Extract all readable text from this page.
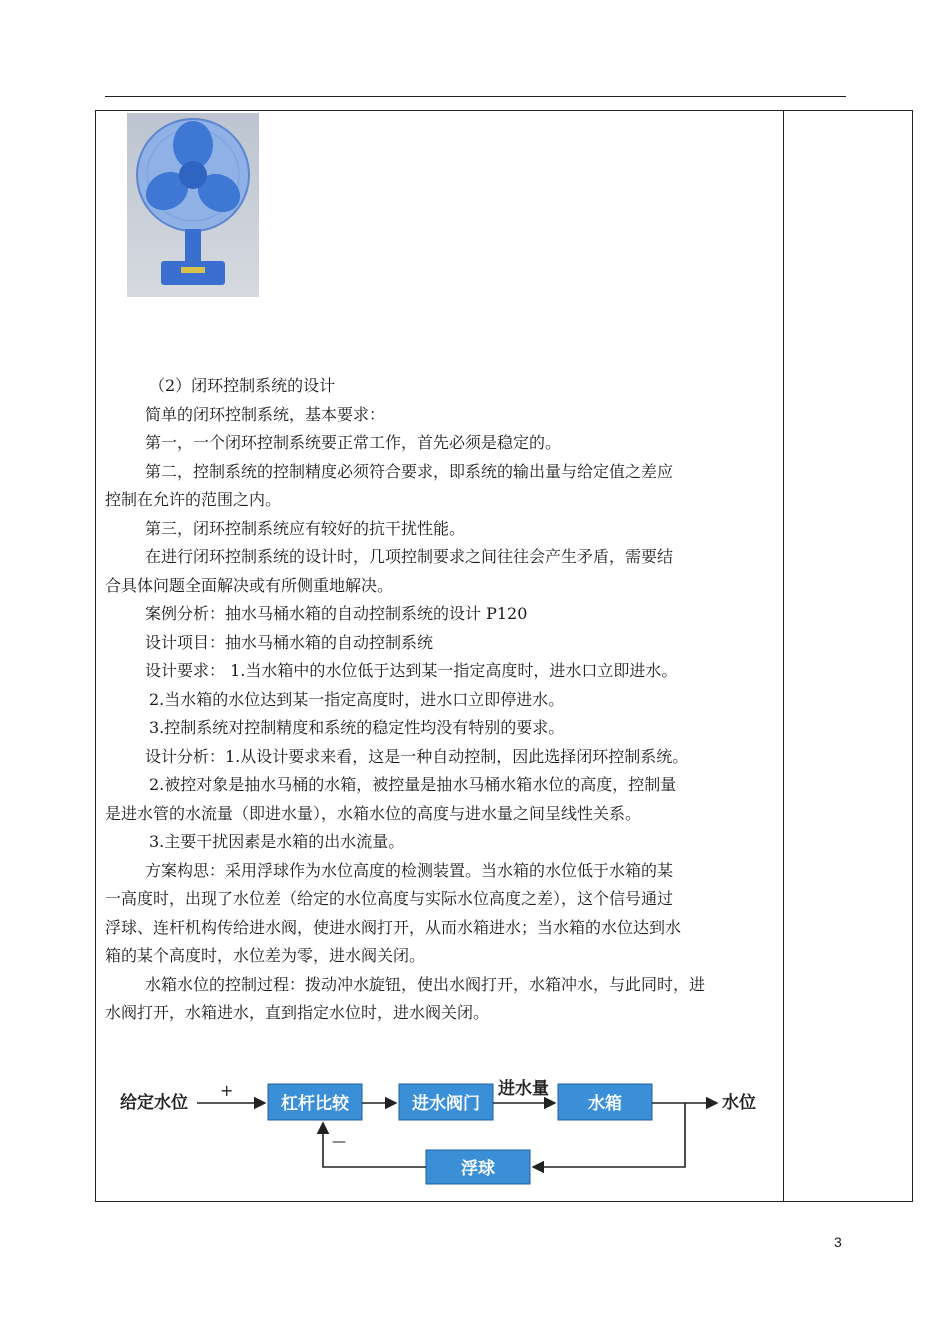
（2）闭环控制系统的设计

简单的闭环控制系统，基本要求：

第一，一个闭环控制系统要正常工作，首先必须是稳定的。

第二，控制系统的控制精度必须符合要求，即系统的输出量与给定值之差应

控制在允许的范围之内。

第三，闭环控制系统应有较好的抗干扰性能。

在进行闭环控制系统的设计时，几项控制要求之间往往会产生矛盾，需要结

合具体问题全面解决或有所侧重地解决。

案例分析：抽水马桶水箱的自动控制系统的设计 P120

设计项目：抽水马桶水箱的自动控制系统

设计要求： 1.当水箱中的水位低于达到某一指定高度时，进水口立即进水。

2.当水箱的水位达到某一指定高度时，进水口立即停进水。

3.控制系统对控制精度和系统的稳定性均没有特别的要求。

设计分析：1.从设计要求来看，这是一种自动控制，因此选择闭环控制系统。

2.被控对象是抽水马桶的水箱，被控量是抽水马桶水箱水位的高度，控制量

是进水管的水流量（即进水量），水箱水位的高度与进水量之间呈线性关系。

3.主要干扰因素是水箱的出水流量。

方案构思：采用浮球作为水位高度的检测装置。当水箱的水位低于水箱的某

一高度时，出现了水位差（给定的水位高度与实际水位高度之差），这个信号通过

浮球、连杆机构传给进水阀，使进水阀打开，从而水箱进水；当水箱的水位达到水

箱的某个高度时，水位差为零，进水阀关闭。

水箱水位的控制过程：拨动冲水旋钮，使出水阀打开，水箱冲水，与此同时，进

水阀打开，水箱进水，直到指定水位时，进水阀关闭。

给定水位
+
杠杆比较	进水阀门
进水量
水箱	水位
浮球
—
3
